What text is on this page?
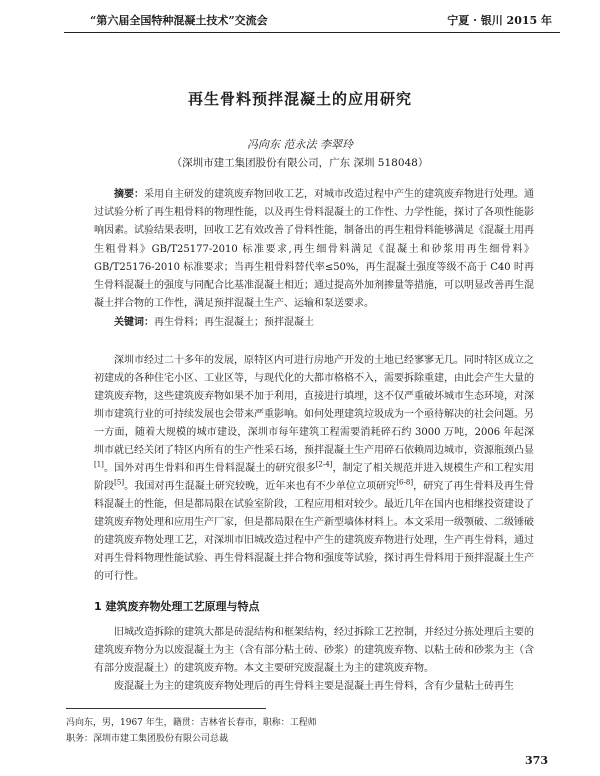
“第六届全国特种混凝土技术”交流会	宁夏 · 银川 2015 年
再生骨料预拌混凝土的应用研究
冯向东 范永法 李翠玲
（深圳市建工集团股份有限公司，广东 深圳 518048）

摘要：采用自主研发的建筑废弃物回收工艺，对城市改造过程中产生的建筑废弃物进行处理。通过试验分析了再生粗骨料的物理性能，以及再生骨料混凝土的工作性、力学性能，探讨了各项性能影响因素。试验结果表明，回收工艺有效改善了骨料性能，制备出的再生粗骨料能够满足《混凝土用再生粗骨料》GB/T25177-2010 标准要求,再生细骨料满足《混凝土和砂浆用再生细骨料》GB/T25176-2010 标准要求；当再生粗骨料替代率≤50%，再生混凝土强度等级不高于 C40 时再生骨料混凝土的强度与同配合比基准混凝土相近；通过提高外加剂掺量等措施，可以明显改善再生混凝土拌合物的工作性，满足预拌混凝土生产、运输和泵送要求。

关键词：再生骨料；再生混凝土；预拌混凝土

深圳市经过二十多年的发展，原特区内可进行房地产开发的土地已经寥寥无几。同时特区成立之初建成的各种住宅小区、工业区等，与现代化的大都市格格不入，需要拆除重建，由此会产生大量的建筑废弃物，这些建筑废弃物如果不加于利用，直接进行填埋，这不仅严重破坏城市生态环境，对深圳市建筑行业的可持续发展也会带来严重影响。如何处理建筑垃圾成为一个亟待解决的社会问题。另一方面，随着大规模的城市建设，深圳市每年建筑工程需要消耗碎石约 3000 万吨，2006 年起深圳市就已经关闭了特区内所有的生产性采石场，预拌混凝土生产用碎石依赖周边城市，资源瓶颈凸显[1]。国外对再生骨料和再生骨料混凝土的研究很多[2-4]，制定了相关规范并进入规模生产和工程实用阶段[5]。我国对再生混凝土研究较晚，近年来也有不少单位立项研究[6-8]，研究了再生骨料及再生骨料混凝土的性能，但是都局限在试验室阶段，工程应用相对较少。最近几年在国内也相继投资建设了建筑废弃物处理和应用生产厂家，但是都局限在生产新型墙体材料上。本文采用一级颚破、二级锤破的建筑废弃物处理工艺，对深圳市旧城改造过程中产生的建筑废弃物进行处理，生产再生骨料，通过对再生骨料物理性能试验、再生骨料混凝土拌合物和强度等试验，探讨再生骨料用于预拌混凝土生产的可行性。

1 建筑废弃物处理工艺原理与特点

旧城改造拆除的建筑大都是砖混结构和框架结构，经过拆除工艺控制，并经过分拣处理后主要的建筑废弃物分为以废混凝土为主（含有部分粘土砖、砂浆）的建筑废弃物、以粘土砖和砂浆为主（含有部分废混凝土）的建筑废弃物。本文主要研究废混凝土为主的建筑废弃物。

废混凝土为主的建筑废弃物处理后的再生骨料主要是混凝土再生骨料，含有少量粘土砖再生

冯向东，男，1967 年生，籍贯：吉林省长春市，职称：工程师
职务：深圳市建工集团股份有限公司总裁
373
